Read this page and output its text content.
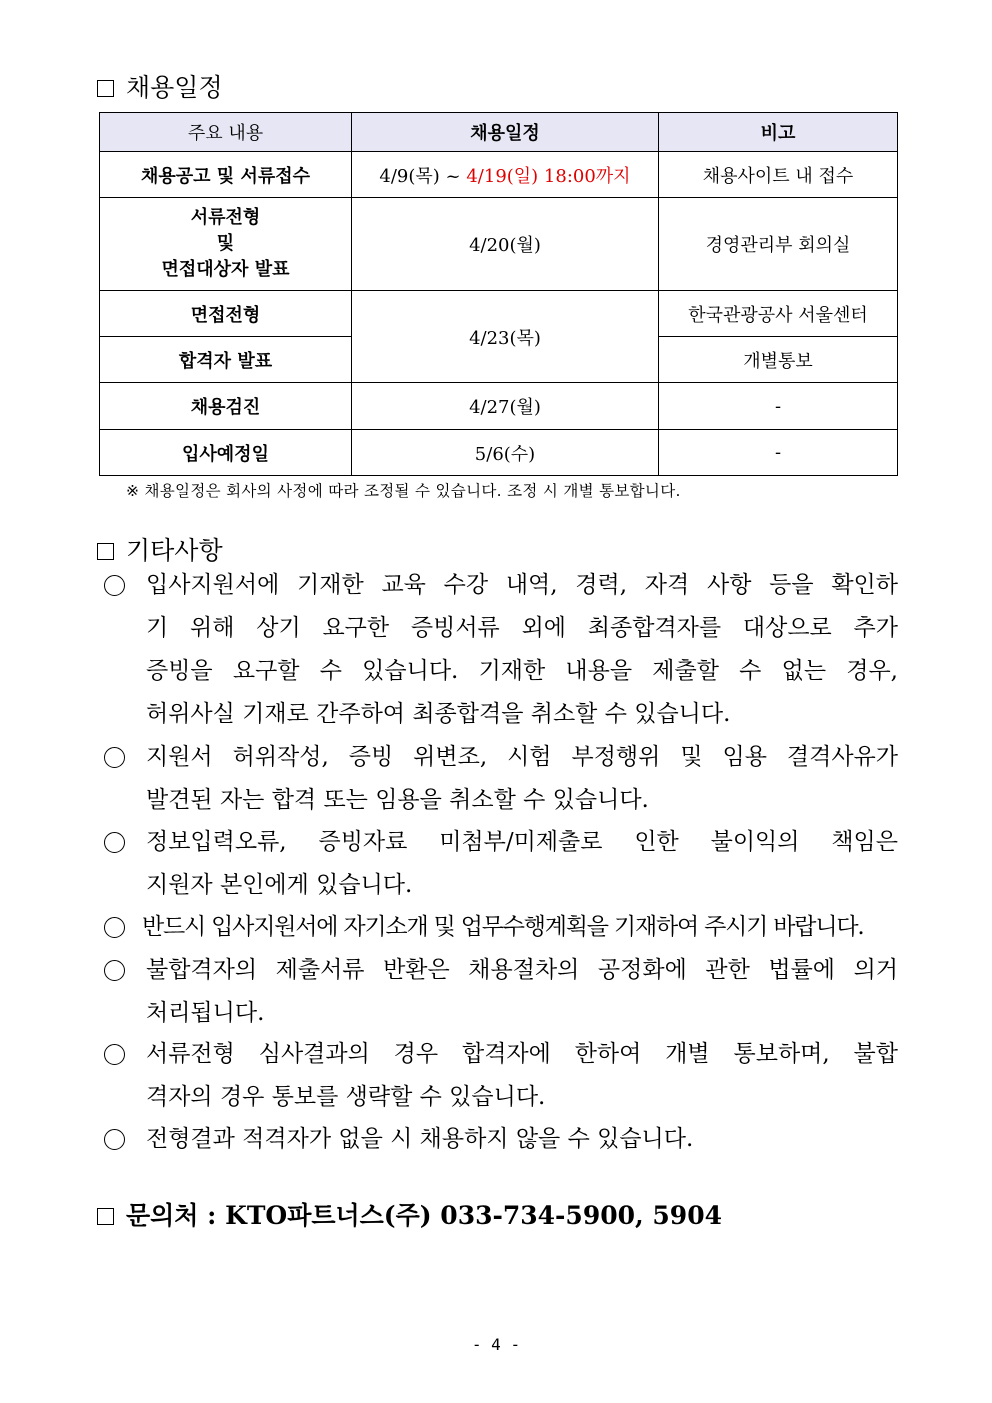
채용일정
주요 내용	채용일정	비고
채용공고 및 서류접수	4/9(목) ~ 4/19(일) 18:00까지	채용사이트 내 접수

서류전형
및
면접대상자 발표	4/20(월)	경영관리부 회의실
면접전형	4/23(목)	한국관광공사 서울센터
합격자 발표		개별통보
채용검진	4/27(월)	-
입사예정일	5/6(수)	-
※ 채용일정은 회사의 사정에 따라 조정될 수 있습니다. 조정 시 개별 통보합니다.
기타사항
입사지원서에 기재한 교육 수강 내역, 경력, 자격 사항 등을 확인하
기 위해 상기 요구한 증빙서류 외에 최종합격자를 대상으로 추가
증빙을 요구할 수 있습니다. 기재한 내용을 제출할 수 없는 경우,
허위사실 기재로 간주하여 최종합격을 취소할 수 있습니다.
지원서 허위작성, 증빙 위변조, 시험 부정행위 및 임용 결격사유가
발견된 자는 합격 또는 임용을 취소할 수 있습니다.
정보입력오류, 증빙자료 미첨부/미제출로 인한 불이익의 책임은
지원자 본인에게 있습니다.
반드시 입사지원서에 자기소개 및 업무수행계획을 기재하여 주시기 바랍니다.
불합격자의 제출서류 반환은 채용절차의 공정화에 관한 법률에 의거
처리됩니다.
서류전형 심사결과의 경우 합격자에 한하여 개별 통보하며, 불합
격자의 경우 통보를 생략할 수 있습니다.
전형결과 적격자가 없을 시 채용하지 않을 수 있습니다.
문의처 : KTO파트너스(주) 033-734-5900, 5904
- 4 -
